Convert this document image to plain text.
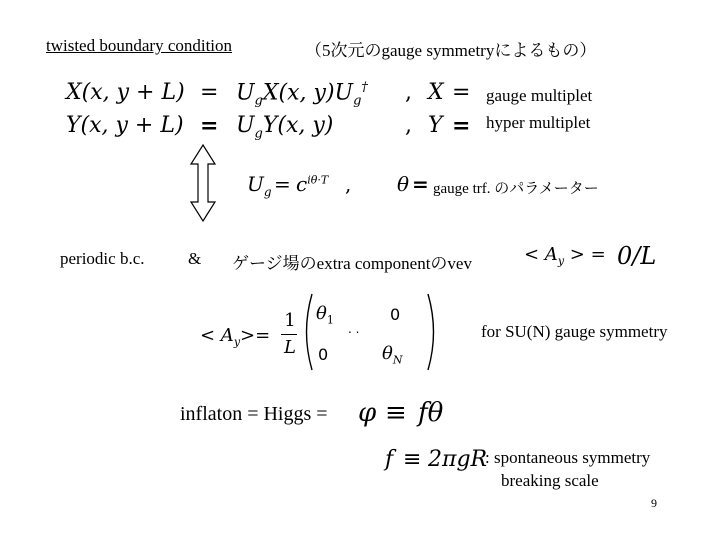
twisted boundary condition	（5次元のgauge symmetryによるもの）
X(x, $y + L) = U_gX(x$, $y)U_g^\dagger$ , X = gauge multiplet
Y(x, $y + L) = U_gY(x$, y)	, Y = hyper multiplet
$U_g = c^{i\theta\cdot T}$ , θ = gauge trf. のパラメーター
periodic b.c.	& ゲージ場のextra componentのvev	< $A_y$ > = 0/L
< $A_y>=$
1
L
$\theta_1$	0
. .
0	$\theta_N$
for SU(N) gauge symmetry
inflaton = Higgs = φ ≡ fθ
f ≡ 2πgR
: spontaneous symmetry
breaking scale
9
